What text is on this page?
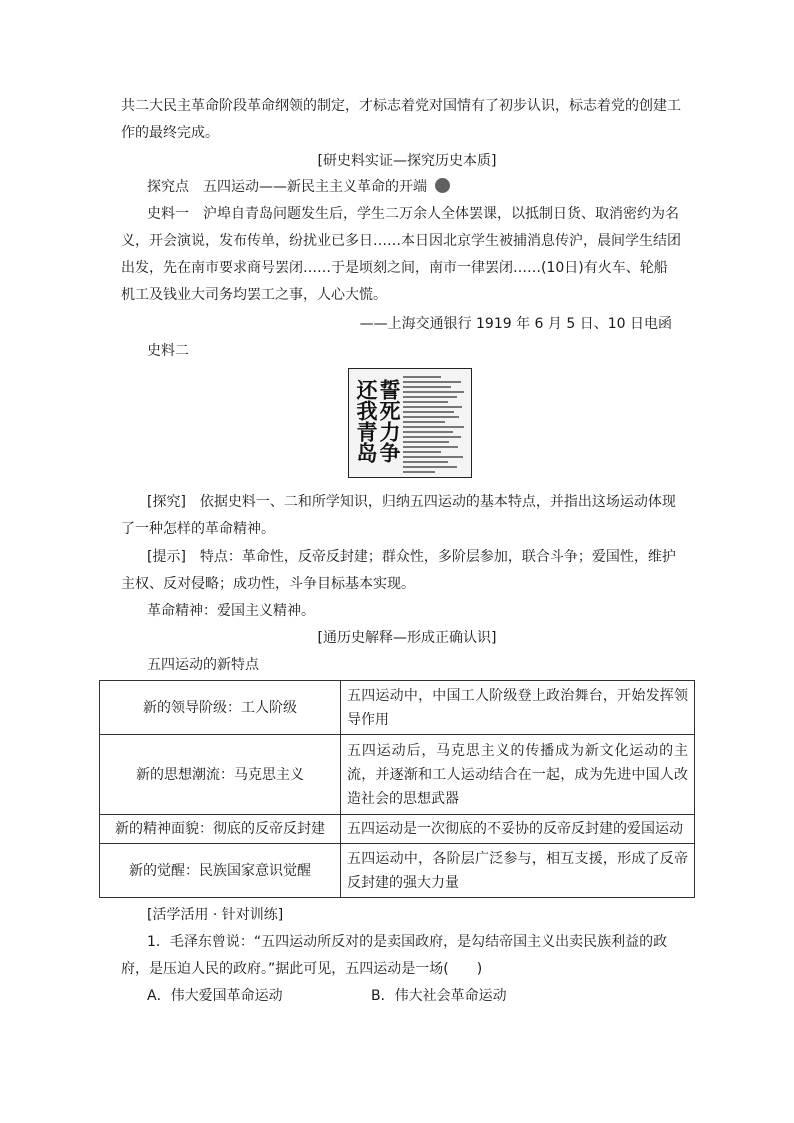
共二大民主革命阶段革命纲领的制定，才标志着党对国情有了初步认识，标志着党的创建工
作的最终完成。
[研史料实证—探究历史本质]
探究点　五四运动——新民主主义革命的开端
史料一　沪埠自青岛问题发生后，学生二万余人全体罢课，以抵制日货、取消密约为名
义，开会演说，发布传单，纷扰业已多日……本日因北京学生被捕消息传沪，晨间学生结团
出发，先在南市要求商号罢闭……于是顷刻之间，南市一律罢闭……(10日)有火车、轮船
机工及钱业大司务均罢工之事，人心大慌。
——上海交通银行 1919 年 6 月 5 日、10 日电函
史料二
誓死力争还我青岛
[探究]　依据史料一、二和所学知识，归纳五四运动的基本特点，并指出这场运动体现
了一种怎样的革命精神。
[提示]　特点：革命性，反帝反封建；群众性，多阶层参加，联合斗争；爱国性，维护
主权、反对侵略；成功性，斗争目标基本实现。
革命精神：爱国主义精神。
[通历史解释—形成正确认识]
五四运动的新特点
新的领导阶级：工人阶级	五四运动中，中国工人阶级登上政治舞台，开始发挥领导作用
新的思想潮流：马克思主义	五四运动后，马克思主义的传播成为新文化运动的主流，并逐渐和工人运动结合在一起，成为先进中国人改造社会的思想武器
新的精神面貌：彻底的反帝反封建	五四运动是一次彻底的不妥协的反帝反封建的爱国运动
新的觉醒：民族国家意识觉醒	五四运动中，各阶层广泛参与，相互支援，形成了反帝反封建的强大力量
[活学活用 · 针对训练]
1．毛泽东曾说：“五四运动所反对的是卖国政府，是勾结帝国主义出卖民族利益的政
府，是压迫人民的政府。”据此可见，五四运动是一场(　　)
A．伟大爱国革命运动	B．伟大社会革命运动
